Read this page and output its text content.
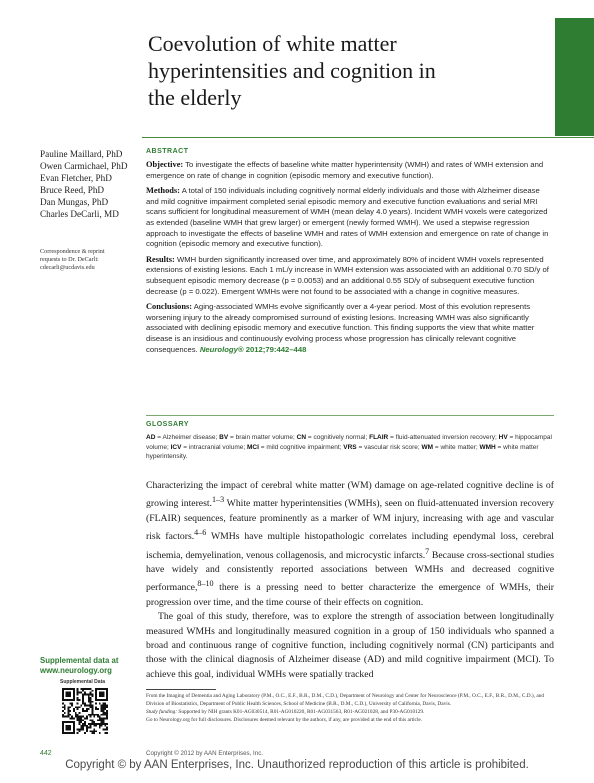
Coevolution of white matter
hyperintensities and cognition in
the elderly
Pauline Maillard, PhD
Owen Carmichael, PhD
Evan Fletcher, PhD
Bruce Reed, PhD
Dan Mungas, PhD
Charles DeCarli, MD
Correspondence & reprint
requests to Dr. DeCarli:
cdecarli@ucdavis.edu
ABSTRACT

Objective: To investigate the effects of baseline white matter hyperintensity (WMH) and rates of WMH extension and emergence on rate of change in cognition (episodic memory and executive function).

Methods: A total of 150 individuals including cognitively normal elderly individuals and those with Alzheimer disease and mild cognitive impairment completed serial episodic memory and executive function evaluations and serial MRI scans sufficient for longitudinal measurement of WMH (mean delay 4.0 years). Incident WMH voxels were categorized as extended (baseline WMH that grew larger) or emergent (newly formed WMH). We used a stepwise regression approach to investigate the effects of baseline WMH and rates of WMH extension and emergence on rate of change in cognition (episodic memory and executive function).

Results: WMH burden significantly increased over time, and approximately 80% of incident WMH voxels represented extensions of existing lesions. Each 1 mL/y increase in WMH extension was associated with an additional 0.70 SD/y of subsequent episodic memory decrease (p = 0.0053) and an additional 0.55 SD/y of subsequent executive function decrease (p = 0.022). Emergent WMHs were not found to be associated with a change in cognitive measures.

Conclusions: Aging-associated WMHs evolve significantly over a 4-year period. Most of this evolution represents worsening injury to the already compromised surround of existing lesions. Increasing WMH was also significantly associated with declining episodic memory and executive function. This finding supports the view that white matter disease is an insidious and continuously evolving process whose progression has clinically relevant cognitive consequences. Neurology® 2012;79:442–448

GLOSSARY
AD = Alzheimer disease; BV = brain matter volume; CN = cognitively normal; FLAIR = fluid-attenuated inversion recovery; HV = hippocampal volume; ICV = intracranial volume; MCI = mild cognitive impairment; VRS = vascular risk score; WM = white matter; WMH = white matter hyperintensity.

Characterizing the impact of cerebral white matter (WM) damage on age-related cognitive decline is of growing interest.$^{1-3}$ White matter hyperintensities (WMHs), seen on fluid-attenuated inversion recovery (FLAIR) sequences, feature prominently as a marker of WM injury, increasing with age and vascular risk factors.$^{4-6}$ WMHs have multiple histopathologic correlates including ependymal loss, cerebral ischemia, demyelination, venous collagenosis, and microcystic infarcts.$^7$ Because cross-sectional studies have widely and consistently reported associations between WMHs and decreased cognitive performance,$^{8-10}$ there is a pressing need to better characterize the emergence of WMHs, their progression over time, and the time course of their effects on cognition.

The goal of this study, therefore, was to explore the strength of association between longitudinally measured WMHs and longitudinally measured cognition in a group of 150 individuals who spanned a broad and continuous range of cognitive function, including cognitively normal (CN) participants and those with the clinical diagnosis of Alzheimer disease (AD) and mild cognitive impairment (MCI). To achieve this goal, individual WMHs were spatially tracked

Supplemental data at www.neurology.org
Supplemental Data

From the Imaging of Dementia and Aging Laboratory (P.M., O.C., E.F., B.R., D.M., C.D.), Department of Neurology and Center for Neuroscience (P.M., O.C., E.F., B.R., D.M., C.D.), and Division of Biostatistics, Department of Public Health Sciences, School of Medicine (B.R., D.M., C.D.), University of California, Davis, Davis.

Study funding: Supported by NIH grants K01-AG030514, R01-AG010220, R01-AG031563, R01-AG021028, and P30-AG010129.

Go to Neurology.org for full disclosures. Disclosures deemed relevant by the authors, if any, are provided at the end of this article.

442	Copyright © 2012 by AAN Enterprises, Inc.
Copyright © by AAN Enterprises, Inc. Unauthorized reproduction of this article is prohibited.
